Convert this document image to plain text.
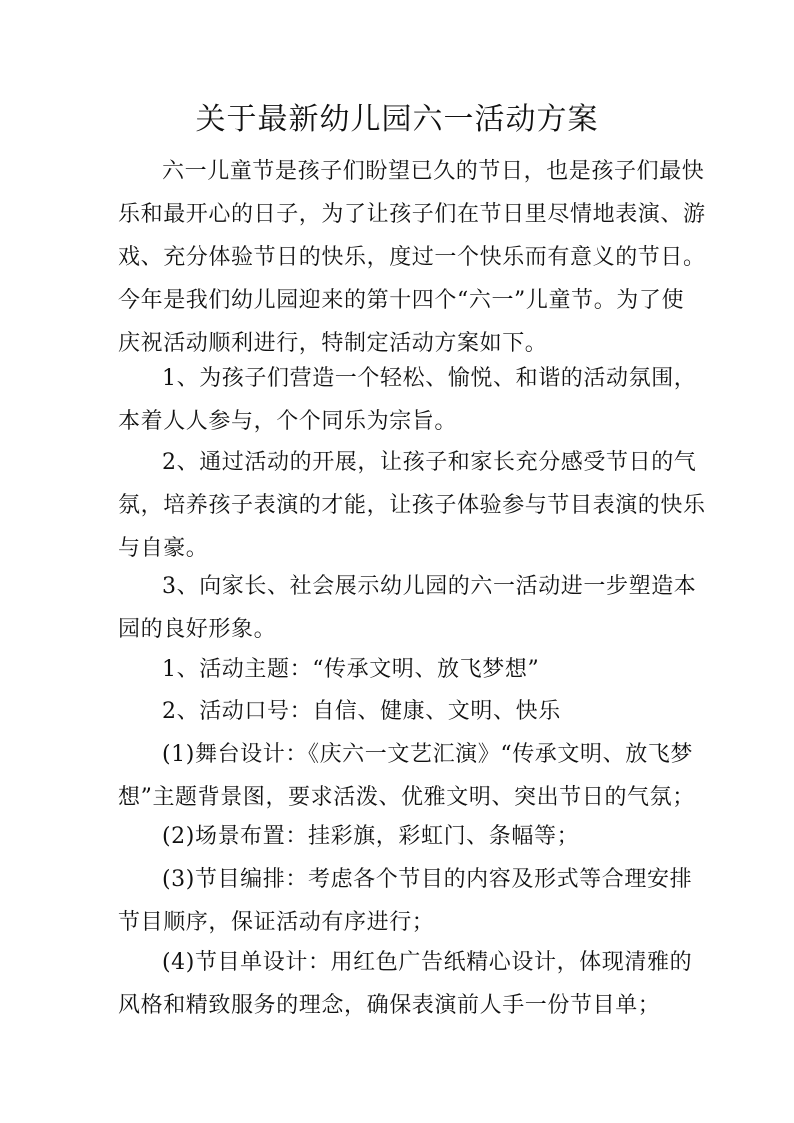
关于最新幼儿园六一活动方案

六一儿童节是孩子们盼望已久的节日，也是孩子们最快
乐和最开心的日子，为了让孩子们在节日里尽情地表演、游
戏、充分体验节日的快乐，度过一个快乐而有意义的节日。
今年是我们幼儿园迎来的第十四个“六一”儿童节。为了使
庆祝活动顺利进行，特制定活动方案如下。

1、为孩子们营造一个轻松、愉悦、和谐的活动氛围，
本着人人参与，个个同乐为宗旨。

2、通过活动的开展，让孩子和家长充分感受节日的气
氛，培养孩子表演的才能，让孩子体验参与节目表演的快乐
与自豪。

3、向家长、社会展示幼儿园的六一活动进一步塑造本
园的良好形象。

1、活动主题：“传承文明、放飞梦想”

2、活动口号：自信、健康、文明、快乐

(1)舞台设计：《庆六一文艺汇演》“传承文明、放飞梦
想”主题背景图，要求活泼、优雅文明、突出节日的气氛；

(2)场景布置：挂彩旗，彩虹门、条幅等；

(3)节目编排：考虑各个节目的内容及形式等合理安排
节目顺序，保证活动有序进行；

(4)节目单设计：用红色广告纸精心设计，体现清雅的
风格和精致服务的理念，确保表演前人手一份节目单；
